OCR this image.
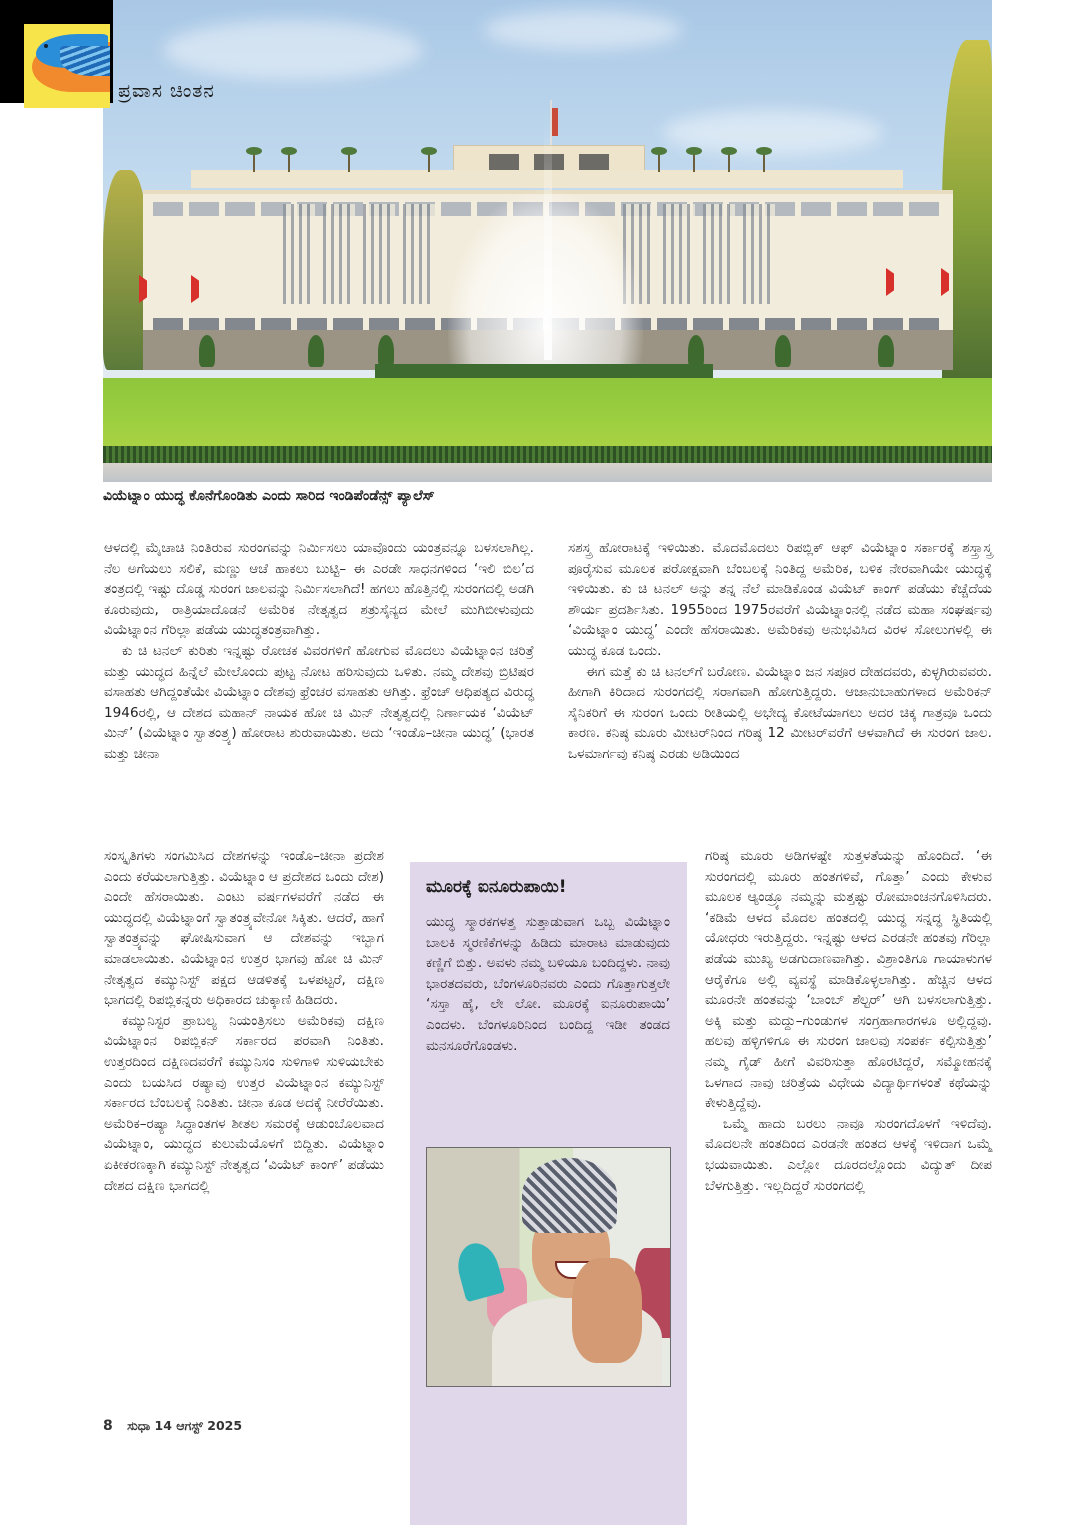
ಪ್ರವಾಸ ಚಿಂತನ
ವಿಯೆಟ್ನಾಂ ಯುದ್ಧ ಕೊನೆಗೊಂಡಿತು ಎಂದು ಸಾರಿದ ಇಂಡಿಪೆಂಡೆನ್ಸ್ ಪ್ಯಾಲೆಸ್

ಆಳದಲ್ಲಿ ಮೈಚಾಚಿ ನಿಂತಿರುವ ಸುರಂಗವನ್ನು ನಿರ್ಮಿಸಲು ಯಾವೊಂದು ಯಂತ್ರವನ್ನೂ ಬಳಸಲಾಗಿಲ್ಲ. ನೆಲ ಅಗೆಯಲು ಸಲಿಕೆ, ಮಣ್ಣು ಆಚೆ ಹಾಕಲು ಬುಟ್ಟಿ– ಈ ಎರಡೇ ಸಾಧನಗಳಿಂದ ‘ಇಲಿ ಬಿಲ’ದ ತಂತ್ರದಲ್ಲಿ ಇಷ್ಟು ದೊಡ್ಡ ಸುರಂಗ ಜಾಲವನ್ನು ನಿರ್ಮಿಸಲಾಗಿದೆ! ಹಗಲು ಹೊತ್ತಿನಲ್ಲಿ ಸುರಂಗದಲ್ಲಿ ಅಡಗಿ ಕೂರುವುದು, ರಾತ್ರಿಯಾದೊಡನೆ ಅಮೆರಿಕ ನೇತೃತ್ವದ ಶತ್ರುಸೈನ್ಯದ ಮೇಲೆ ಮುಗಿಬೀಳುವುದು ವಿಯೆಟ್ನಾಂನ ಗೆರಿಲ್ಲಾ ಪಡೆಯ ಯುದ್ಧತಂತ್ರವಾಗಿತ್ತು.

ಕು ಚಿ ಟನಲ್ ಕುರಿತು ಇನ್ನಷ್ಟು ರೋಚಕ ವಿವರಗಳಿಗೆ ಹೋಗುವ ಮೊದಲು ವಿಯೆಟ್ನಾಂನ ಚರಿತ್ರೆ ಮತ್ತು ಯುದ್ಧದ ಹಿನ್ನೆಲೆ ಮೇಲೊಂದು ಪುಟ್ಟ ನೋಟ ಹರಿಸುವುದು ಒಳಿತು. ನಮ್ಮ ದೇಶವು ಬ್ರಿಟಿಷರ ವಸಾಹತು ಆಗಿದ್ದಂತೆಯೇ ವಿಯೆಟ್ನಾಂ ದೇಶವು ಫ್ರೆಂಚರ ವಸಾಹತು ಆಗಿತ್ತು. ಫ್ರೆಂಚ್ ಆಧಿಪತ್ಯದ ವಿರುದ್ಧ 1946ರಲ್ಲಿ, ಆ ದೇಶದ ಮಹಾನ್ ನಾಯಕ ಹೋ ಚಿ ಮಿನ್ ನೇತೃತ್ವದಲ್ಲಿ ನಿರ್ಣಾಯಕ ‘ವಿಯೆಟ್ ಮಿನ್’ (ವಿಯೆಟ್ನಾಂ ಸ್ವಾತಂತ್ರ್ಯ) ಹೋರಾಟ ಶುರುವಾಯಿತು. ಅದು ‘ಇಂಡೊ–ಚೀನಾ ಯುದ್ಧ’ (ಭಾರತ ಮತ್ತು ಚೀನಾ

ಸಂಸ್ಕೃತಿಗಳು ಸಂಗಮಿಸಿದ ದೇಶಗಳನ್ನು ಇಂಡೊ–ಚೀನಾ ಪ್ರದೇಶ ಎಂದು ಕರೆಯಲಾಗುತ್ತಿತ್ತು. ವಿಯೆಟ್ನಾಂ ಆ ಪ್ರದೇಶದ ಒಂದು ದೇಶ) ಎಂದೇ ಹೆಸರಾಯಿತು. ಎಂಟು ವರ್ಷಗಳವರೆಗೆ ನಡೆದ ಈ ಯುದ್ಧದಲ್ಲಿ ವಿಯೆಟ್ನಾಂಗೆ ಸ್ವಾತಂತ್ರ್ಯವೇನೋ ಸಿಕ್ಕಿತು. ಆದರೆ, ಹಾಗೆ ಸ್ವಾತಂತ್ರ್ಯವನ್ನು ಘೋಷಿಸುವಾಗ ಆ ದೇಶವನ್ನು ಇಬ್ಭಾಗ ಮಾಡಲಾಯಿತು. ವಿಯೆಟ್ನಾಂನ ಉತ್ತರ ಭಾಗವು ಹೋ ಚಿ ಮಿನ್ ನೇತೃತ್ವದ ಕಮ್ಯುನಿಸ್ಟ್ ಪಕ್ಷದ ಆಡಳಿತಕ್ಕೆ ಒಳಪಟ್ಟರೆ, ದಕ್ಷಿಣ ಭಾಗದಲ್ಲಿ ರಿಪಬ್ಲಿಕನ್ನರು ಅಧಿಕಾರದ ಚುಕ್ಕಾಣಿ ಹಿಡಿದರು.

ಕಮ್ಯುನಿಸ್ಟರ ಪ್ರಾಬಲ್ಯ ನಿಯಂತ್ರಿಸಲು ಅಮೆರಿಕವು ದಕ್ಷಿಣ ವಿಯೆಟ್ನಾಂನ ರಿಪಬ್ಲಿಕನ್ ಸರ್ಕಾರದ ಪರವಾಗಿ ನಿಂತಿತು. ಉತ್ತರದಿಂದ ದಕ್ಷಿಣದವರೆಗೆ ಕಮ್ಯುನಿಸಂ ಸುಳಿಗಾಳಿ ಸುಳಿಯಬೇಕು ಎಂದು ಬಯಸಿದ ರಷ್ಯಾವು ಉತ್ತರ ವಿಯೆಟ್ನಾಂನ ಕಮ್ಯುನಿಸ್ಟ್ ಸರ್ಕಾರದ ಬೆಂಬಲಕ್ಕೆ ನಿಂತಿತು. ಚೀನಾ ಕೂಡ ಅದಕ್ಕೆ ನೀರೆರೆಯಿತು. ಅಮೆರಿಕ–ರಷ್ಯಾ ಸಿದ್ಧಾಂತಗಳ ಶೀತಲ ಸಮರಕ್ಕೆ ಆಡುಂಬೊಲವಾದ ವಿಯೆಟ್ನಾಂ, ಯುದ್ಧದ ಕುಲುಮೆಯೊಳಗೆ ಬಿದ್ದಿತು. ವಿಯೆಟ್ನಾಂ ಏಕೀಕರಣಕ್ಕಾಗಿ ಕಮ್ಯುನಿಸ್ಟ್ ನೇತೃತ್ವದ ‘ವಿಯೆಟ್ ಕಾಂಗ್’ ಪಡೆಯು ದೇಶದ ದಕ್ಷಿಣ ಭಾಗದಲ್ಲಿ

ಸಶಸ್ತ್ರ ಹೋರಾಟಕ್ಕೆ ಇಳಿಯಿತು. ಮೊದಮೊದಲು ರಿಪಬ್ಲಿಕ್ ಆಫ್ ವಿಯೆಟ್ನಾಂ ಸರ್ಕಾರಕ್ಕೆ ಶಸ್ತ್ರಾಸ್ತ್ರ ಪೂರೈಸುವ ಮೂಲಕ ಪರೋಕ್ಷವಾಗಿ ಬೆಂಬಲಕ್ಕೆ ನಿಂತಿದ್ದ ಅಮೆರಿಕ, ಬಳಿಕ ನೇರವಾಗಿಯೇ ಯುದ್ಧಕ್ಕೆ ಇಳಿಯಿತು. ಕು ಚಿ ಟನಲ್ ಅನ್ನು ತನ್ನ ನೆಲೆ ಮಾಡಿಕೊಂಡ ವಿಯೆಟ್ ಕಾಂಗ್ ಪಡೆಯು ಕೆಚ್ಚೆದೆಯ ಶೌರ್ಯ ಪ್ರದರ್ಶಿಸಿತು. 1955ರಿಂದ 1975ರವರೆಗೆ ವಿಯೆಟ್ನಾಂನಲ್ಲಿ ನಡೆದ ಮಹಾ ಸಂಘರ್ಷವು ‘ವಿಯೆಟ್ನಾಂ ಯುದ್ಧ’ ಎಂದೇ ಹೆಸರಾಯಿತು. ಅಮೆರಿಕವು ಅನುಭವಿಸಿದ ವಿರಳ ಸೋಲುಗಳಲ್ಲಿ ಈ ಯುದ್ಧ ಕೂಡ ಒಂದು.

ಈಗ ಮತ್ತೆ ಕು ಚಿ ಟನಲ್‌ಗೆ ಬರೋಣ. ವಿಯೆಟ್ನಾಂ ಜನ ಸಪೂರ ದೇಹದವರು, ಕುಳ್ಳಗಿರುವವರು. ಹೀಗಾಗಿ ಕಿರಿದಾದ ಸುರಂಗದಲ್ಲಿ ಸರಾಗವಾಗಿ ಹೋಗುತ್ತಿದ್ದರು. ಆಜಾನುಬಾಹುಗಳಾದ ಅಮೆರಿಕನ್ ಸೈನಿಕರಿಗೆ ಈ ಸುರಂಗ ಒಂದು ರೀತಿಯಲ್ಲಿ ಅಭೇದ್ಯ ಕೋಟೆಯಾಗಲು ಅದರ ಚಿಕ್ಕ ಗಾತ್ರವೂ ಒಂದು ಕಾರಣ. ಕನಿಷ್ಠ ಮೂರು ಮೀಟರ್‌ನಿಂದ ಗರಿಷ್ಠ 12 ಮೀಟರ್‌ವರೆಗೆ ಆಳವಾಗಿದೆ ಈ ಸುರಂಗ ಜಾಲ. ಒಳಮಾರ್ಗವು ಕನಿಷ್ಠ ಎರಡು ಅಡಿಯಿಂದ

ಗರಿಷ್ಠ ಮೂರು ಅಡಿಗಳಷ್ಟೇ ಸುತ್ತಳತೆಯನ್ನು ಹೊಂದಿದೆ. ‘ಈ ಸುರಂಗದಲ್ಲಿ ಮೂರು ಹಂತಗಳಿವೆ, ಗೊತ್ತಾ’ ಎಂದು ಕೇಳುವ ಮೂಲಕ ಆ್ಯಂಡ್ರ್ಯೂ ನಮ್ಮನ್ನು ಮತ್ತಷ್ಟು ರೋಮಾಂಚನಗೊಳಿಸಿದರು. ‘ಕಡಿಮೆ ಆಳದ ಮೊದಲ ಹಂತದಲ್ಲಿ ಯುದ್ಧ ಸನ್ನದ್ಧ ಸ್ಥಿತಿಯಲ್ಲಿ ಯೋಧರು ಇರುತ್ತಿದ್ದರು. ಇನ್ನಷ್ಟು ಆಳದ ಎರಡನೇ ಹಂತವು ಗೆರಿಲ್ಲಾ ಪಡೆಯ ಮುಖ್ಯ ಅಡಗುದಾಣವಾಗಿತ್ತು. ವಿಶ್ರಾಂತಿಗೂ ಗಾಯಾಳುಗಳ ಆರೈಕೆಗೂ ಅಲ್ಲಿ ವ್ಯವಸ್ಥೆ ಮಾಡಿಕೊಳ್ಳಲಾಗಿತ್ತು. ಹೆಚ್ಚಿನ ಆಳದ ಮೂರನೇ ಹಂತವನ್ನು ‘ಬಾಂಬ್ ಶೆಲ್ಟರ್’ ಆಗಿ ಬಳಸಲಾಗುತ್ತಿತ್ತು. ಅಕ್ಕಿ ಮತ್ತು ಮದ್ದು–ಗುಂಡುಗಳ ಸಂಗ್ರಹಾಗಾರಗಳೂ ಅಲ್ಲಿದ್ದವು. ಹಲವು ಹಳ್ಳಿಗಳಿಗೂ ಈ ಸುರಂಗ ಜಾಲವು ಸಂಪರ್ಕ ಕಲ್ಪಿಸುತ್ತಿತ್ತು’ ನಮ್ಮ ಗೈಡ್ ಹೀಗೆ ವಿವರಿಸುತ್ತಾ ಹೊರಟಿದ್ದರೆ, ಸಮ್ಮೋಹನಕ್ಕೆ ಒಳಗಾದ ನಾವು ಚರಿತ್ರೆಯ ವಿಧೇಯ ವಿದ್ಯಾರ್ಥಿಗಳಂತೆ ಕಥೆಯನ್ನು ಕೇಳುತ್ತಿದ್ದೆವು.

ಒಮ್ಮೆ ಹಾದು ಬರಲು ನಾವೂ ಸುರಂಗದೊಳಗೆ ಇಳಿದೆವು. ಮೊದಲನೇ ಹಂತದಿಂದ ಎರಡನೇ ಹಂತದ ಆಳಕ್ಕೆ ಇಳಿದಾಗ ಒಮ್ಮೆ ಭಯವಾಯಿತು. ಎಲ್ಲೋ ದೂರದಲ್ಲೊಂದು ವಿದ್ಯುತ್ ದೀಪ ಬೆಳಗುತ್ತಿತ್ತು. ಇಲ್ಲದಿದ್ದರೆ ಸುರಂಗದಲ್ಲಿ

ಮೂರಕ್ಕೆ ಐನೂರುಪಾಯಿ!
ಯುದ್ಧ ಸ್ಮಾರಕಗಳತ್ತ ಸುತ್ತಾಡುವಾಗ ಒಬ್ಬ ವಿಯೆಟ್ನಾಂ ಬಾಲಕಿ ಸ್ಮರಣಿಕೆಗಳನ್ನು ಹಿಡಿದು ಮಾರಾಟ ಮಾಡುವುದು ಕಣ್ಣಿಗೆ ಬಿತ್ತು. ಅವಳು ನಮ್ಮ ಬಳಿಯೂ ಬಂದಿದ್ದಳು. ನಾವು ಭಾರತದವರು, ಬೆಂಗಳೂರಿನವರು ಎಂದು ಗೊತ್ತಾಗುತ್ತಲೇ ‘ಸಸ್ತಾ ಹೈ, ಲೇ ಲೋ. ಮೂರಕ್ಕೆ ಐನೂರುಪಾಯಿ’ ಎಂದಳು. ಬೆಂಗಳೂರಿನಿಂದ ಬಂದಿದ್ದ ಇಡೀ ತಂಡದ ಮನಸೂರೆಗೊಂಡಳು.
8 ಸುಧಾ 14 ಆಗಸ್ಟ್ 2025
